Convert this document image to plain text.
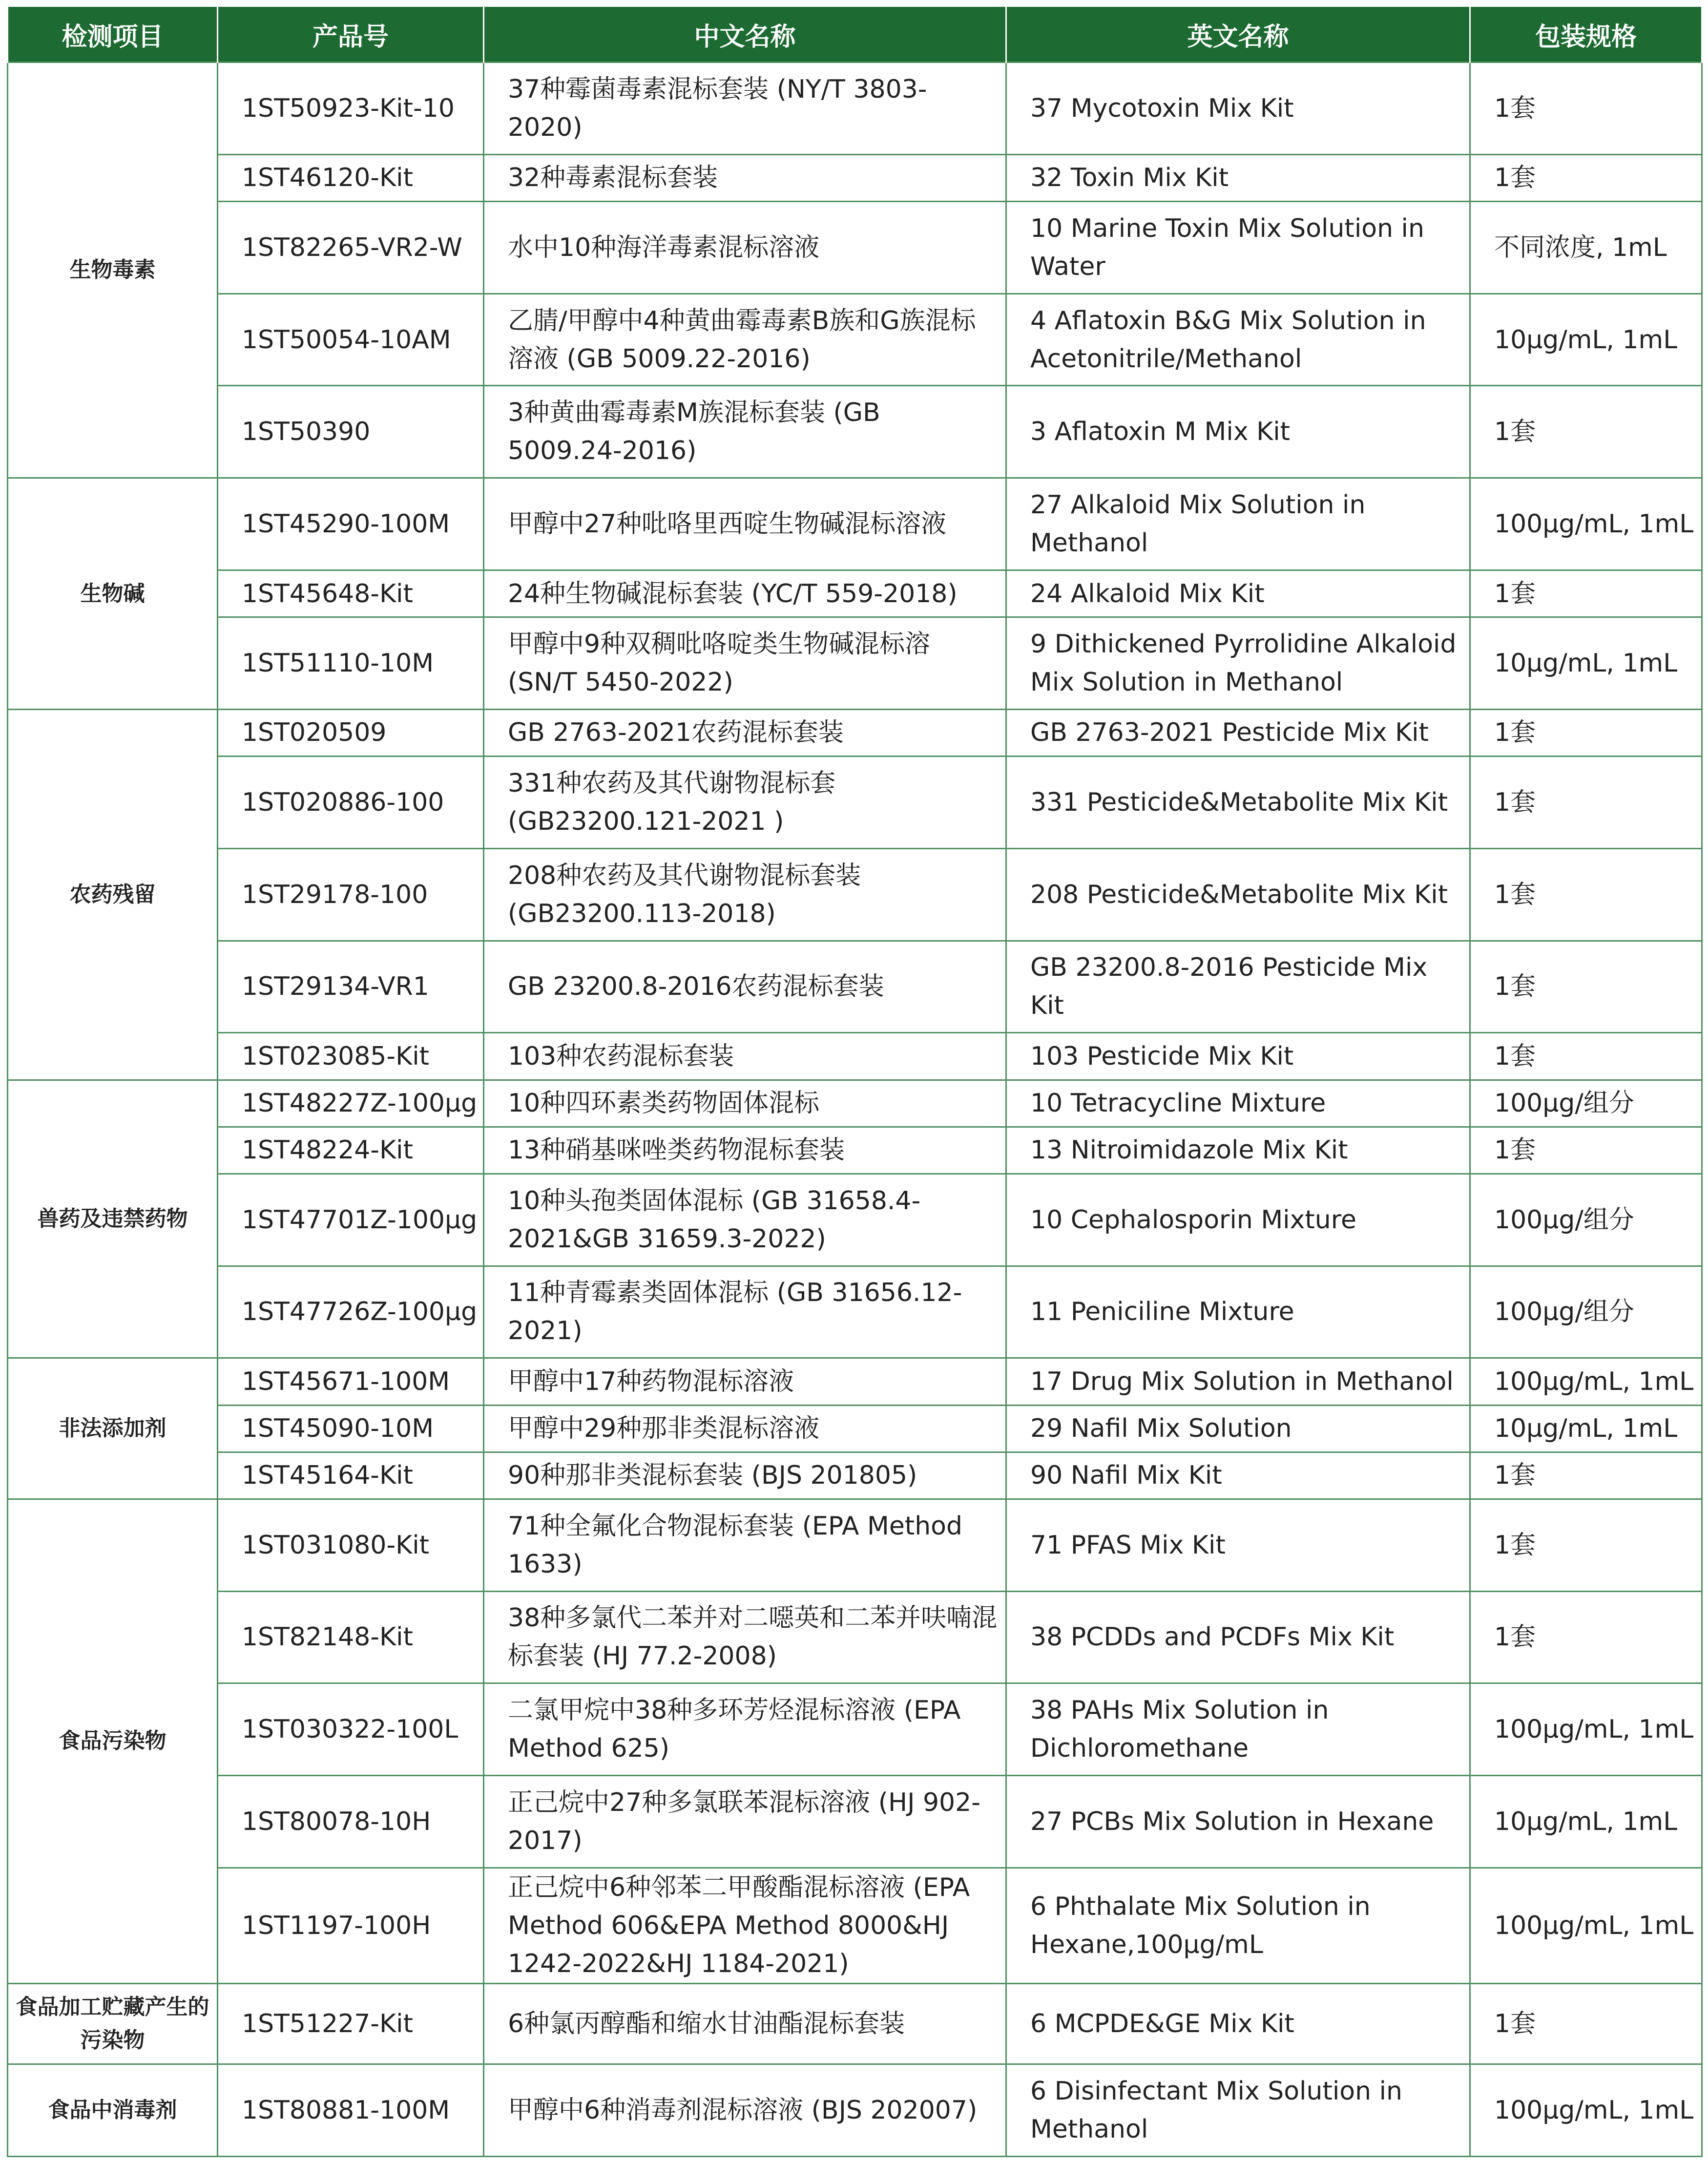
检测项目	产品号	中文名称	英文名称	包装规格
生物毒素	1ST50923-Kit-10	37种霉菌毒素混标套装 (NY/T 3803-2020)	37 Mycotoxin Mix Kit	1套
	1ST46120-Kit	32种毒素混标套装	32 Toxin Mix Kit	1套
	1ST82265-VR2-W	水中10种海洋毒素混标溶液	10 Marine Toxin Mix Solution in Water	不同浓度, 1mL
	1ST50054-10AM	乙腈/甲醇中4种黄曲霉毒素B族和G族混标溶液 (GB 5009.22-2016)	4 Aflatoxin B&G Mix Solution in Acetonitrile/Methanol	10μg/mL, 1mL
	1ST50390	3种黄曲霉毒素M族混标套装 (GB 5009.24-2016)	3 Aflatoxin M Mix Kit	1套
生物碱	1ST45290-100M	甲醇中27种吡咯里西啶生物碱混标溶液	27 Alkaloid Mix Solution in Methanol	100μg/mL, 1mL
	1ST45648-Kit	24种生物碱混标套装 (YC/T 559-2018)	24 Alkaloid Mix Kit	1套
	1ST51110-10M	甲醇中9种双稠吡咯啶类生物碱混标溶 (SN/T 5450-2022)	9 Dithickened Pyrrolidine Alkaloid Mix Solution in Methanol	10μg/mL, 1mL
农药残留	1ST020509	GB 2763-2021农药混标套装	GB 2763-2021 Pesticide Mix Kit	1套
	1ST020886-100	331种农药及其代谢物混标套 (GB23200.121-2021 )	331 Pesticide&Metabolite Mix Kit	1套
	1ST29178-100	208种农药及其代谢物混标套装 (GB23200.113-2018)	208 Pesticide&Metabolite Mix Kit	1套
	1ST29134-VR1	GB 23200.8-2016农药混标套装	GB 23200.8-2016 Pesticide Mix Kit	1套
	1ST023085-Kit	103种农药混标套装	103 Pesticide Mix Kit	1套
兽药及违禁药物	1ST48227Z-100μg	10种四环素类药物固体混标	10 Tetracycline Mixture	100μg/组分
	1ST48224-Kit	13种硝基咪唑类药物混标套装	13 Nitroimidazole Mix Kit	1套
	1ST47701Z-100μg	10种头孢类固体混标 (GB 31658.4-2021&GB 31659.3-2022)	10 Cephalosporin Mixture	100μg/组分
	1ST47726Z-100μg	11种青霉素类固体混标 (GB 31656.12-2021)	11 Peniciline Mixture	100μg/组分
非法添加剂	1ST45671-100M	甲醇中17种药物混标溶液	17 Drug Mix Solution in Methanol	100μg/mL, 1mL
	1ST45090-10M	甲醇中29种那非类混标溶液	29 Nafil Mix Solution	10μg/mL, 1mL
	1ST45164-Kit	90种那非类混标套装 (BJS 201805)	90 Nafil Mix Kit	1套
食品污染物	1ST031080-Kit	71种全氟化合物混标套装 (EPA Method 1633)	71 PFAS Mix Kit	1套
	1ST82148-Kit	38种多氯代二苯并对二噁英和二苯并呋喃混标套装 (HJ 77.2-2008)	38 PCDDs and PCDFs Mix Kit	1套
	1ST030322-100L	二氯甲烷中38种多环芳烃混标溶液 (EPA Method 625)	38 PAHs Mix Solution in Dichloromethane	100μg/mL, 1mL
	1ST80078-10H	正己烷中27种多氯联苯混标溶液 (HJ 902-2017)	27 PCBs Mix Solution in Hexane	10μg/mL, 1mL
	1ST1197-100H	正己烷中6种邻苯二甲酸酯混标溶液 (EPA Method 606&EPA Method 8000&HJ 1242-2022&HJ 1184-2021)	6 Phthalate Mix Solution in Hexane,100μg/mL	100μg/mL, 1mL
食品加工贮藏产生的污染物	1ST51227-Kit	6种氯丙醇酯和缩水甘油酯混标套装	6 MCPDE&GE Mix Kit	1套
食品中消毒剂	1ST80881-100M	甲醇中6种消毒剂混标溶液 (BJS 202007)	6 Disinfectant Mix Solution in Methanol	100μg/mL, 1mL
